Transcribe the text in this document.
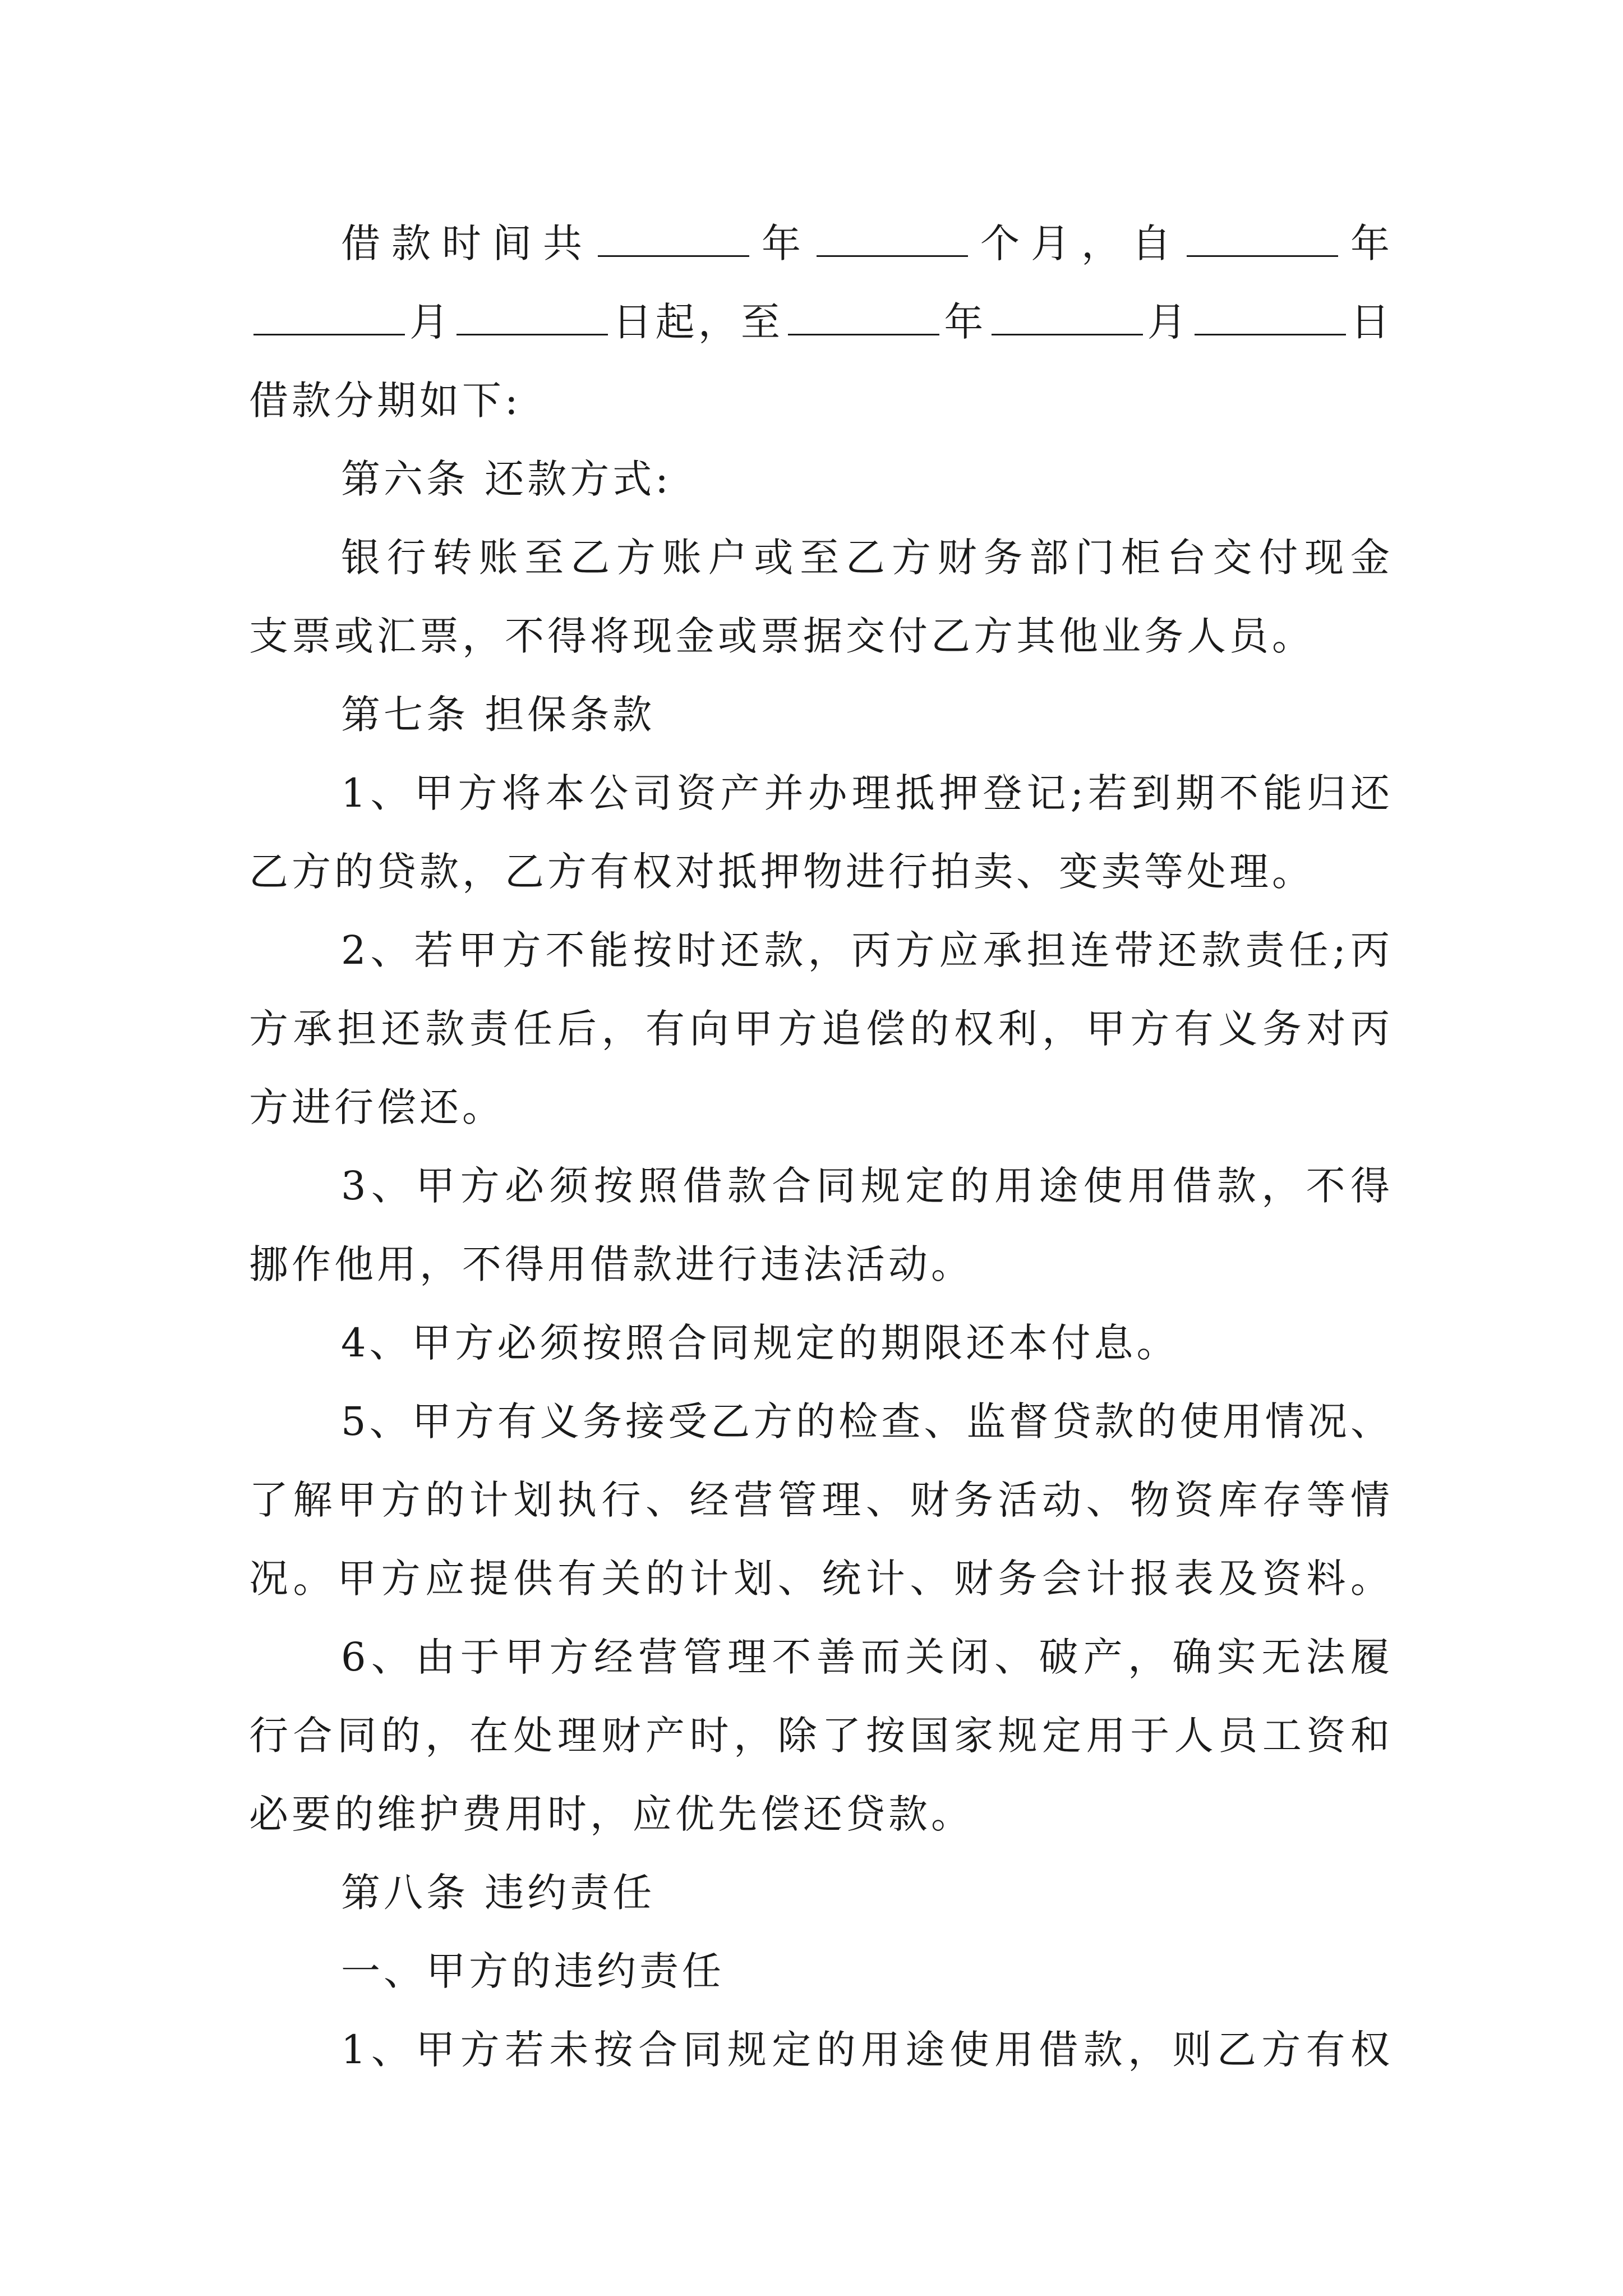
借款时间共	年	个月，自	年
月	日起，至	年	月	日
借款分期如下:
第六条 还款方式:
银行转账至乙方账户或至乙方财务部门柜台交付现金
支票或汇票，不得将现金或票据交付乙方其他业务人员。
第七条 担保条款
1、甲方将本公司资产并办理抵押登记;若到期不能归还
乙方的贷款，乙方有权对抵押物进行拍卖、变卖等处理。
2、若甲方不能按时还款，丙方应承担连带还款责任;丙
方承担还款责任后，有向甲方追偿的权利，甲方有义务对丙
方进行偿还。
3、甲方必须按照借款合同规定的用途使用借款，不得
挪作他用，不得用借款进行违法活动。
4、甲方必须按照合同规定的期限还本付息。
5、甲方有义务接受乙方的检查、监督贷款的使用情况、
了解甲方的计划执行、经营管理、财务活动、物资库存等情
况。甲方应提供有关的计划、统计、财务会计报表及资料。
6、由于甲方经营管理不善而关闭、破产，确实无法履
行合同的，在处理财产时，除了按国家规定用于人员工资和
必要的维护费用时，应优先偿还贷款。
第八条 违约责任
一、甲方的违约责任
1、甲方若未按合同规定的用途使用借款，则乙方有权
